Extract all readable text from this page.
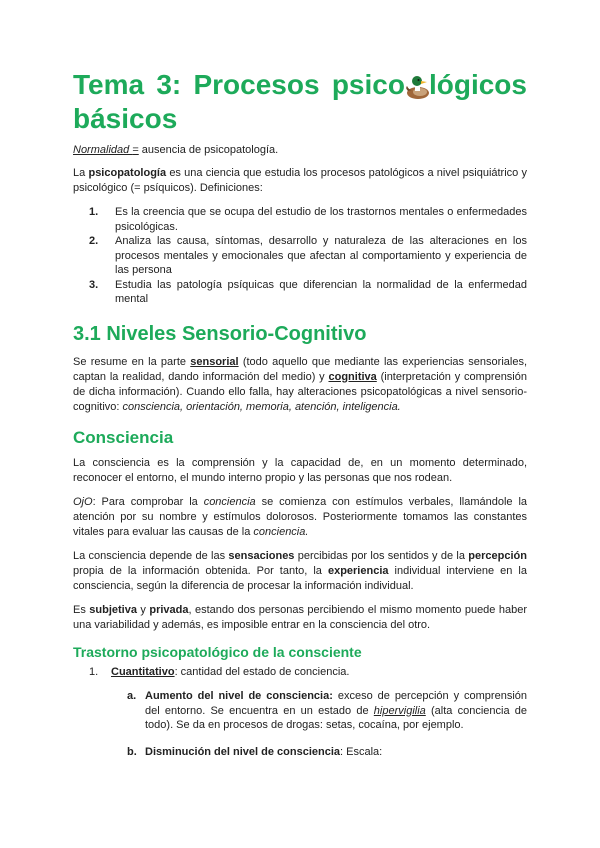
Tema 3: Procesos psico lógicos
básicos

Normalidad = ausencia de psicopatología.

La psicopatología es una ciencia que estudia los procesos patológicos a nivel psiquiátrico y psicológico (= psíquicos). Definiciones:

1.	Es la creencia que se ocupa del estudio de los trastornos mentales o enfermedades psicológicas.
2.	Analiza las causa, síntomas, desarrollo y naturaleza de las alteraciones en los procesos mentales y emocionales que afectan al comportamiento y experiencia de las persona
3.	Estudia las patología psíquicas que diferencian la normalidad de la enfermedad mental
3.1 Niveles Sensorio-Cognitivo

Se resume en la parte sensorial (todo aquello que mediante las experiencias sensoriales, captan la realidad, dando información del medio) y cognitiva (interpretación y comprensión de dicha información). Cuando ello falla, hay alteraciones psicopatológicas a nivel sensorio-cognitivo: consciencia, orientación, memoria, atención, inteligencia.

Consciencia

La consciencia es la comprensión y la capacidad de, en un momento determinado, reconocer el entorno, el mundo interno propio y las personas que nos rodean.

OjO: Para comprobar la conciencia se comienza con estímulos verbales, llamándole la atención por su nombre y estímulos dolorosos. Posteriormente tomamos las constantes vitales para evaluar las causas de la conciencia.

La consciencia depende de las sensaciones percibidas por los sentidos y de la percepción propia de la información obtenida. Por tanto, la experiencia individual interviene en la consciencia, según la diferencia de procesar la información individual.

Es subjetiva y privada, estando dos personas percibiendo el mismo momento puede haber una variabilidad y además, es imposible entrar en la consciencia del otro.

Trastorno psicopatológico de la consciente
1.	Cuantitativo: cantidad del estado de conciencia.
a. Aumento del nivel de consciencia: exceso de percepción y comprensión del entorno. Se encuentra en un estado de hipervigilia (alta conciencia de todo). Se da en procesos de drogas: setas, cocaína, por ejemplo.
b. Disminución del nivel de consciencia: Escala:
